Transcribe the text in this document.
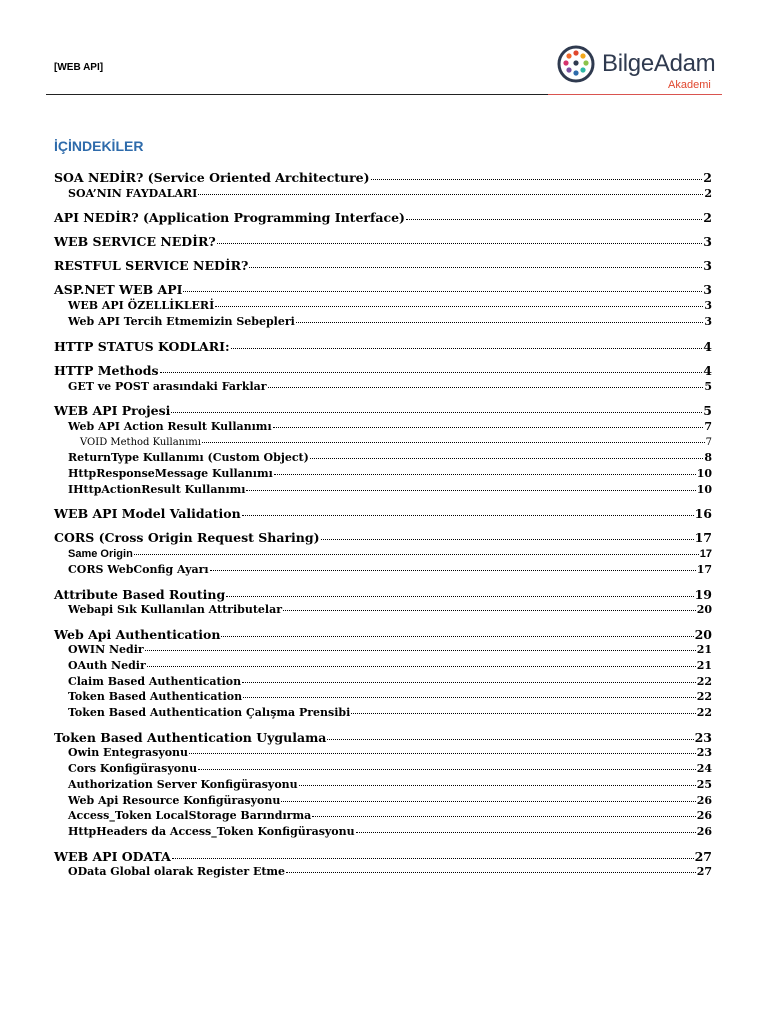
[WEB API]	BilgeAdam
Akademi
İÇİNDEKİLER
SOA NEDİR? (Service Oriented Architecture)	2
SOA’NIN FAYDALARI	2
API NEDİR? (Application Programming Interface)	2
WEB SERVICE NEDİR?	3
RESTFUL SERVICE NEDİR?	3
ASP.NET WEB API	3
WEB API ÖZELLİKLERİ	3
Web API Tercih Etmemizin Sebepleri	3
HTTP STATUS KODLARI:	4
HTTP Methods	4
GET ve POST arasındaki Farklar	5
WEB API Projesi	5
Web API Action Result Kullanımı	7
VOID Method Kullanımı	7
ReturnType Kullanımı (Custom Object)	8
HttpResponseMessage Kullanımı	10
IHttpActionResult Kullanımı	10
WEB API Model Validation	16
CORS (Cross Origin Request Sharing)	17
Same Origin	17
CORS WebConfig Ayarı	17
Attribute Based Routing	19
Webapi Sık Kullanılan Attributelar	20
Web Api Authentication	20
OWIN Nedir	21
OAuth Nedir	21
Claim Based Authentication	22
Token Based Authentication	22
Token Based Authentication Çalışma Prensibi	22
Token Based Authentication Uygulama	23
Owin Entegrasyonu	23
Cors Konfigürasyonu	24
Authorization Server Konfigürasyonu	25
Web Api Resource Konfigürasyonu	26
Access_Token LocalStorage Barındırma	26
HttpHeaders da Access_Token Konfigürasyonu	26
WEB API ODATA	27
OData Global olarak Register Etme	27
